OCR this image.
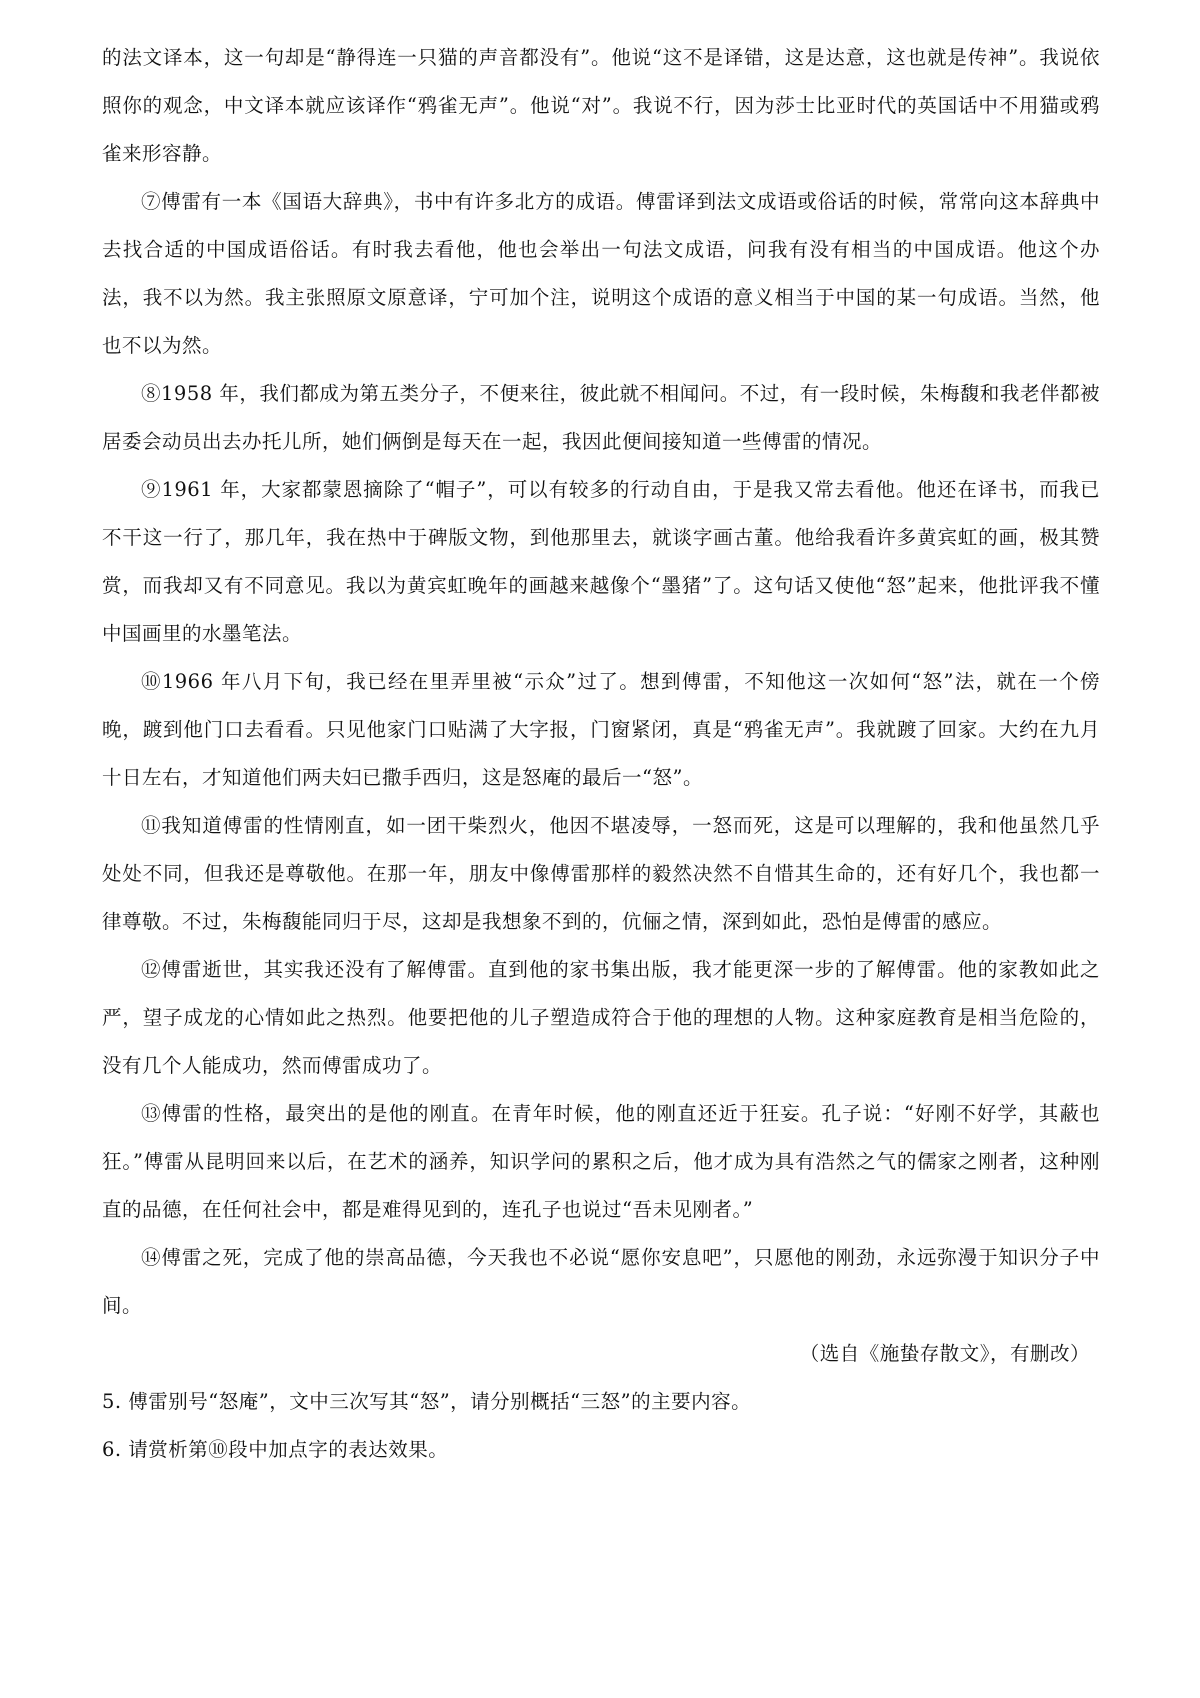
的法文译本，这一句却是“静得连一只猫的声音都没有”。他说“这不是译错，这是达意，这也就是传神”。我说依照你的观念，中文译本就应该译作“鸦雀无声”。他说“对”。我说不行，因为莎士比亚时代的英国话中不用猫或鸦雀来形容静。

⑦傅雷有一本《国语大辞典》，书中有许多北方的成语。傅雷译到法文成语或俗话的时候，常常向这本辞典中去找合适的中国成语俗话。有时我去看他，他也会举出一句法文成语，问我有没有相当的中国成语。他这个办法，我不以为然。我主张照原文原意译，宁可加个注，说明这个成语的意义相当于中国的某一句成语。当然，他也不以为然。

⑧1958 年，我们都成为第五类分子，不便来往，彼此就不相闻问。不过，有一段时候，朱梅馥和我老伴都被居委会动员出去办托儿所，她们俩倒是每天在一起，我因此便间接知道一些傅雷的情况。

⑨1961 年，大家都蒙恩摘除了“帽子”，可以有较多的行动自由，于是我又常去看他。他还在译书，而我已不干这一行了，那几年，我在热中于碑版文物，到他那里去，就谈字画古董。他给我看许多黄宾虹的画，极其赞赏，而我却又有不同意见。我以为黄宾虹晚年的画越来越像个“墨猪”了。这句话又使他“怒”起来，他批评我不懂中国画里的水墨笔法。

⑩1966 年八月下旬，我已经在里弄里被“示众”过了。想到傅雷，不知他这一次如何“怒”法，就在一个傍晚，踱到他门口去看看。只见他家门口贴满了大字报，门窗紧闭，真是“鸦雀无声”。我就踱了回家。大约在九月十日左右，才知道他们两夫妇已撒手西归，这是怒庵的最后一“怒”。

⑪我知道傅雷的性情刚直，如一团干柴烈火，他因不堪凌辱，一怒而死，这是可以理解的，我和他虽然几乎处处不同，但我还是尊敬他。在那一年，朋友中像傅雷那样的毅然决然不自惜其生命的，还有好几个，我也都一律尊敬。不过，朱梅馥能同归于尽，这却是我想象不到的，伉俪之情，深到如此，恐怕是傅雷的感应。

⑫傅雷逝世，其实我还没有了解傅雷。直到他的家书集出版，我才能更深一步的了解傅雷。他的家教如此之严，望子成龙的心情如此之热烈。他要把他的儿子塑造成符合于他的理想的人物。这种家庭教育是相当危险的，没有几个人能成功，然而傅雷成功了。

⑬傅雷的性格，最突出的是他的刚直。在青年时候，他的刚直还近于狂妄。孔子说：“好刚不好学，其蔽也狂。”傅雷从昆明回来以后，在艺术的涵养，知识学问的累积之后，他才成为具有浩然之气的儒家之刚者，这种刚直的品德，在任何社会中，都是难得见到的，连孔子也说过“吾未见刚者。”

⑭傅雷之死，完成了他的崇高品德，今天我也不必说“愿你安息吧”，只愿他的刚劲，永远弥漫于知识分子中间。

（选自《施蛰存散文》，有删改）

5. 傅雷别号“怒庵”，文中三次写其“怒”，请分别概括“三怒”的主要内容。

6. 请赏析第⑩段中加点字的表达效果。
